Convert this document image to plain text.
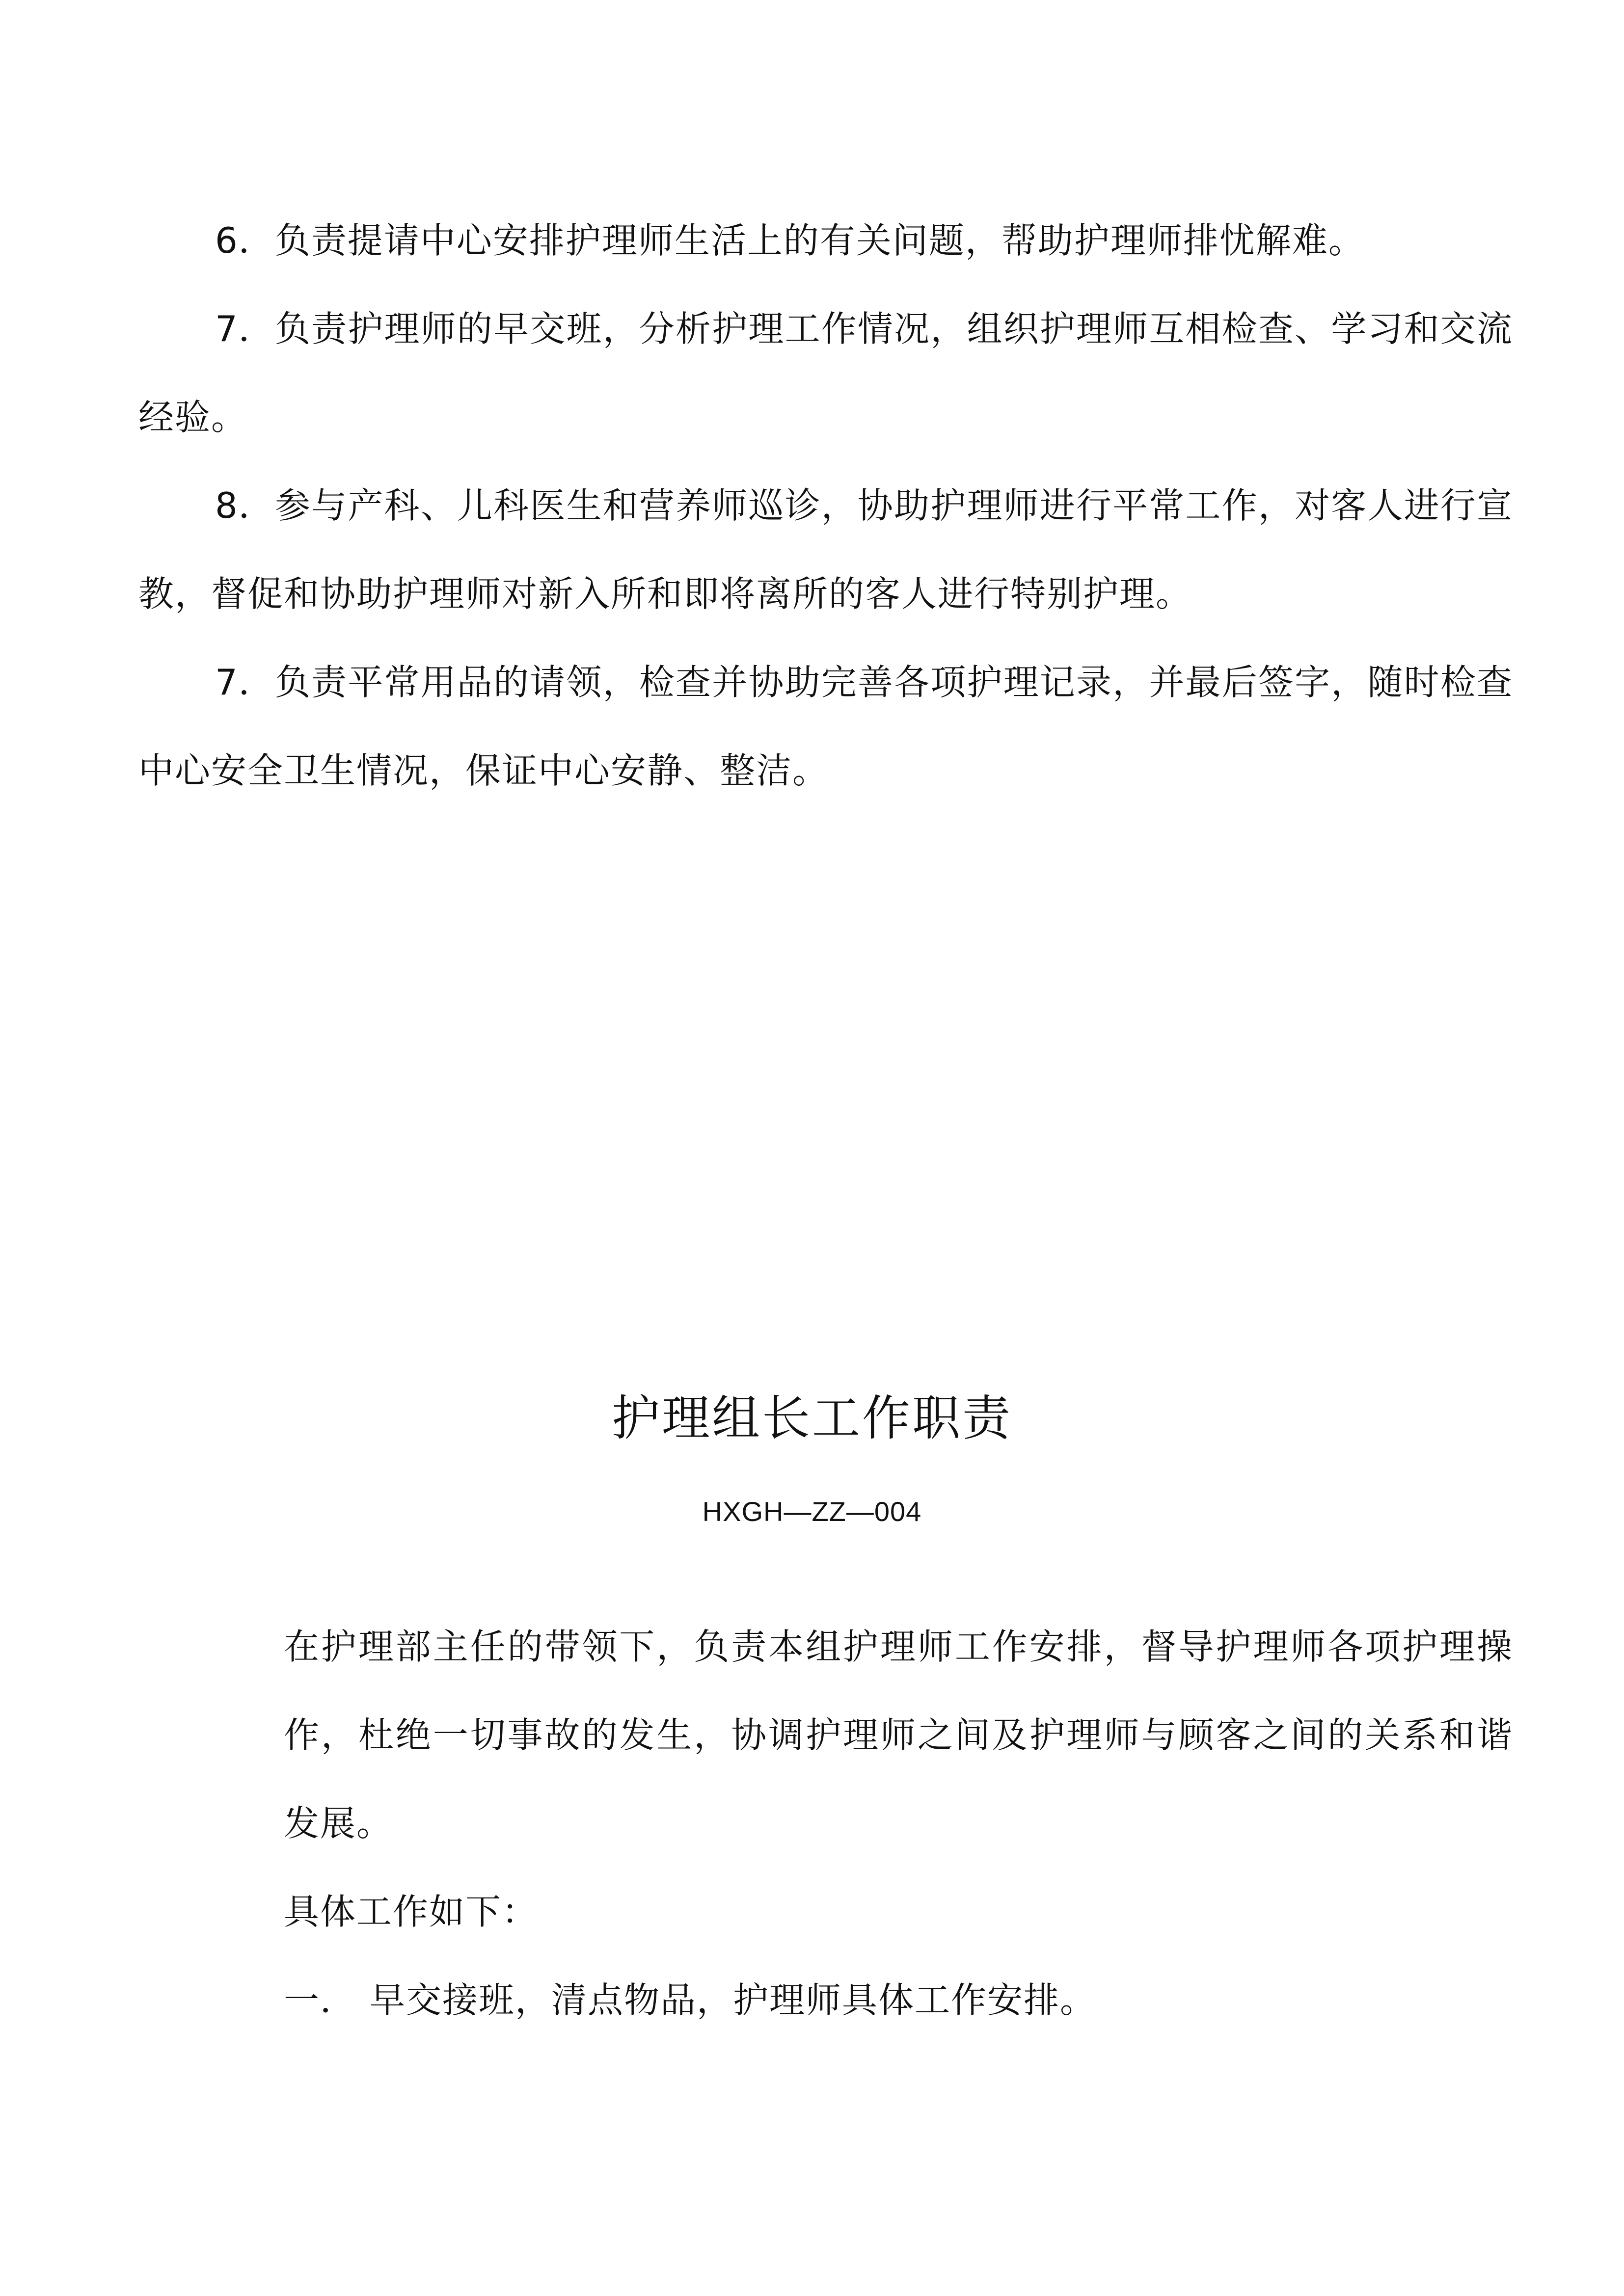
6．负责提请中心安排护理师生活上的有关问题，帮助护理师排忧解难。

7．负责护理师的早交班，分析护理工作情况，组织护理师互相检查、学习和交流经验。

8．参与产科、儿科医生和营养师巡诊，协助护理师进行平常工作，对客人进行宣教，督促和协助护理师对新入所和即将离所的客人进行特别护理。

7．负责平常用品的请领，检查并协助完善各项护理记录，并最后签字，随时检查中心安全卫生情况，保证中心安静、整洁。

护理组长工作职责
HXGH—ZZ—004

在护理部主任的带领下，负责本组护理师工作安排，督导护理师各项护理操作，杜绝一切事故的发生，协调护理师之间及护理师与顾客之间的关系和谐发展。

具体工作如下：

一． 早交接班，清点物品，护理师具体工作安排。
